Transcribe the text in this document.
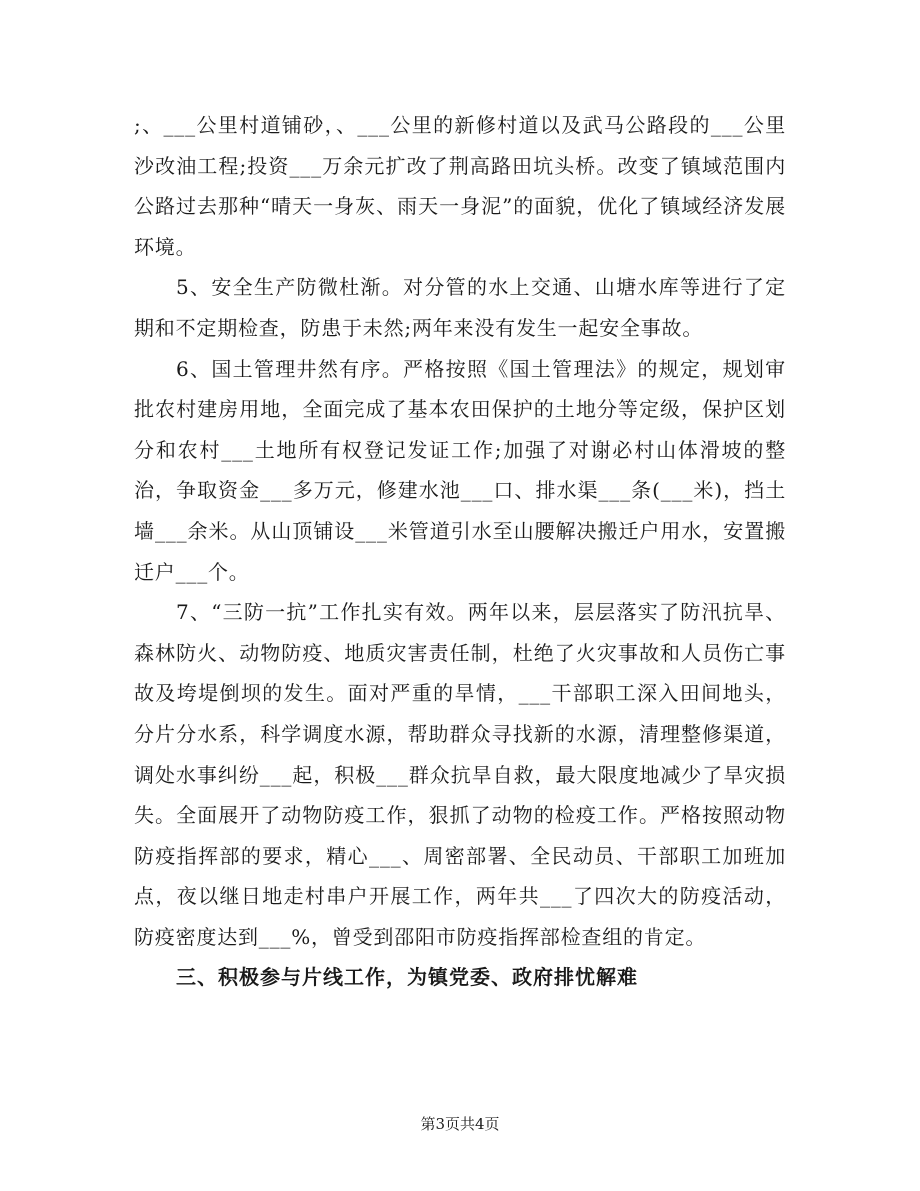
;、___公里村道铺砂，、___公里的新修村道以及武马公路段的___公里沙改油工程;投资___万余元扩改了荆高路田坑头桥。改变了镇域范围内公路过去那种“晴天一身灰、雨天一身泥”的面貌，优化了镇域经济发展环境。

5、安全生产防微杜渐。对分管的水上交通、山塘水库等进行了定期和不定期检查，防患于未然;两年来没有发生一起安全事故。

6、国土管理井然有序。严格按照《国土管理法》的规定，规划审批农村建房用地，全面完成了基本农田保护的土地分等定级，保护区划分和农村___土地所有权登记发证工作;加强了对谢必村山体滑坡的整治，争取资金___多万元，修建水池___口、排水渠___条(___米)，挡土墙___余米。从山顶铺设___米管道引水至山腰解决搬迁户用水，安置搬迁户___个。

7、“三防一抗”工作扎实有效。两年以来，层层落实了防汛抗旱、森林防火、动物防疫、地质灾害责任制，杜绝了火灾事故和人员伤亡事故及垮堤倒坝的发生。面对严重的旱情，___干部职工深入田间地头，分片分水系，科学调度水源，帮助群众寻找新的水源，清理整修渠道，调处水事纠纷___起，积极___群众抗旱自救，最大限度地减少了旱灾损失。全面展开了动物防疫工作，狠抓了动物的检疫工作。严格按照动物防疫指挥部的要求，精心___、周密部署、全民动员、干部职工加班加点，夜以继日地走村串户开展工作，两年共___了四次大的防疫活动，防疫密度达到___%，曾受到邵阳市防疫指挥部检查组的肯定。

三、积极参与片线工作，为镇党委、政府排忧解难

第3页共4页
